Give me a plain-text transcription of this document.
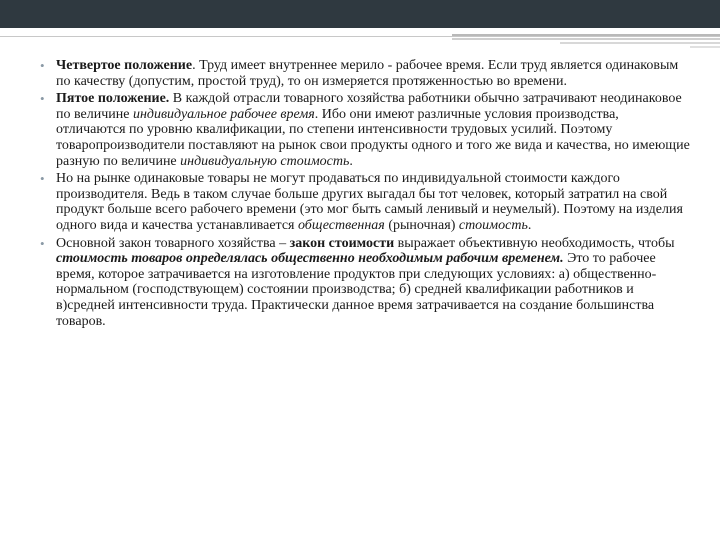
• Четвертое положение. Труд имеет внутреннее мерило - рабочее время. Если труд является одинаковым по качеству (допустим, простой труд), то он измеряется протяженностью во времени.

• Пятое положение. В каждой отрасли товарного хозяйства работники обычно затрачивают неодинаковое по величине индивидуальное рабочее время. Ибо они имеют различные условия производства, отличаются по уровню квалификации, по степени интенсивности трудовых усилий. Поэтому товаропроизводители поставляют на рынок свои продукты одного и того же вида и качества, но имеющие разную по величине индивидуальную стоимость.

• Но на рынке одинаковые товары не могут продаваться по индивидуальной стоимости каждого производителя. Ведь в таком случае больше других выгадал бы тот человек, который затратил на свой продукт больше всего рабочего времени (это мог быть самый ленивый и неумелый). Поэтому на изделия одного вида и качества устанавливается общественная (рыночная) стоимость.

• Основной закон товарного хозяйства – закон стоимости выражает объективную необходимость, чтобы стоимость товаров определялась общественно необходимым рабочим временем. Это то рабочее время, которое затрачивается на изготовление продуктов при следующих условиях: а) общественно-нормальном (господствующем) состоянии производства; б) средней квалификации работников и в)средней интенсивности труда. Практически данное время затрачивается на создание большинства товаров.
